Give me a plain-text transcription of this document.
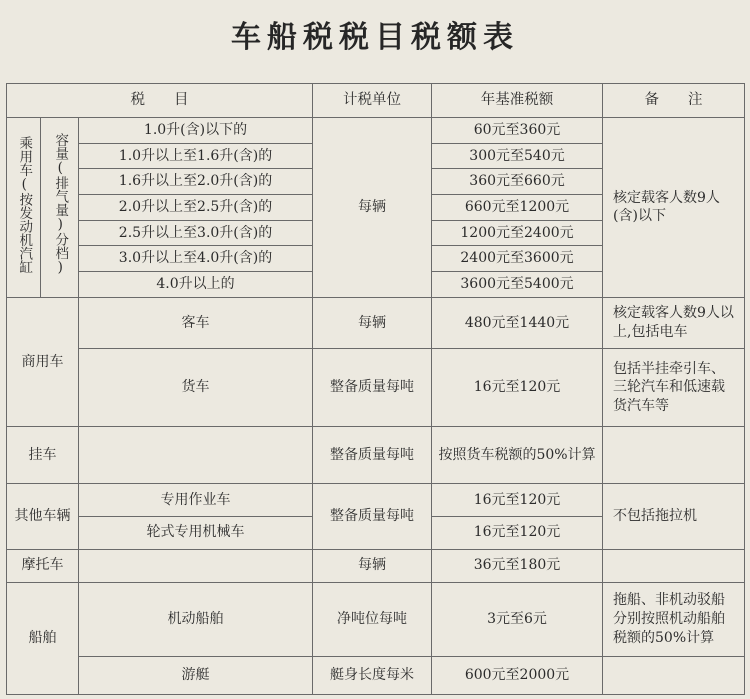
车船税税目税额表
税　　目			计税单位	年基准税额	备　　注
乘用车(按发动机汽缸	容量(排气量)分档)	1.0升(含)以下的	每辆	60元至360元	核定载客人数9人(含)以下
		1.0升以上至1.6升(含)的		300元至540元	
		1.6升以上至2.0升(含)的		360元至660元	
		2.0升以上至2.5升(含)的		660元至1200元	
		2.5升以上至3.0升(含)的		1200元至2400元	
		3.0升以上至4.0升(含)的		2400元至3600元	
		4.0升以上的		3600元至5400元	
商用车		客车	每辆	480元至1440元	核定载客人数9人以上,包括电车
		货车	整备质量每吨	16元至120元	包括半挂牵引车、三轮汽车和低速载货汽车等
挂车			整备质量每吨	按照货车税额的50%计算	
其他车辆		专用作业车	整备质量每吨	16元至120元	不包括拖拉机
		轮式专用机械车		16元至120元	
摩托车			每辆	36元至180元	
船舶		机动船舶	净吨位每吨	3元至6元	拖船、非机动驳船分别按照机动船舶税额的50%计算
		游艇	艇身长度每米	600元至2000元	
